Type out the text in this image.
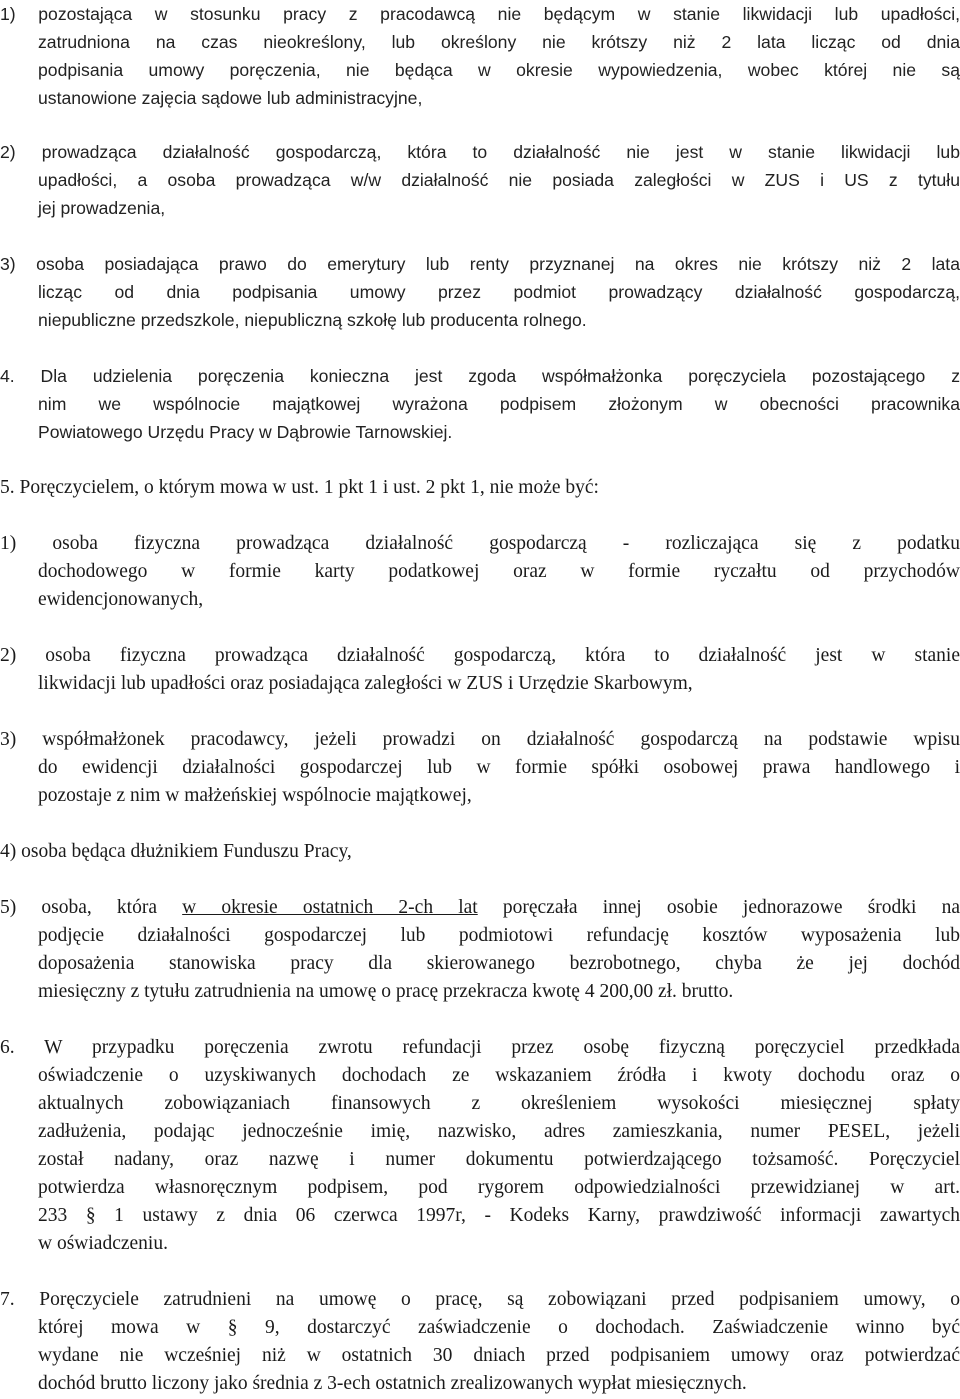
1) pozostająca w stosunku pracy z pracodawcą nie będącym w stanie likwidacji lub upadłości,
zatrudniona na czas nieokreślony, lub określony nie krótszy niż 2 lata licząc od dnia
podpisania umowy poręczenia, nie będąca w okresie wypowiedzenia, wobec której nie są
ustanowione zajęcia sądowe lub administracyjne,
2) prowadząca działalność gospodarczą, która to działalność nie jest w stanie likwidacji lub
upadłości, a osoba prowadząca w/w działalność nie posiada zaległości w ZUS i US z tytułu
jej prowadzenia,
3) osoba posiadająca prawo do emerytury lub renty przyznanej na okres nie krótszy niż 2 lata
licząc od dnia podpisania umowy przez podmiot prowadzący działalność gospodarczą,
niepubliczne przedszkole, niepubliczną szkołę lub producenta rolnego.
4. Dla udzielenia poręczenia konieczna jest zgoda współmałżonka poręczyciela pozostającego z
nim we wspólnocie majątkowej wyrażona podpisem złożonym w obecności pracownika
Powiatowego Urzędu Pracy w Dąbrowie Tarnowskiej.
5. Poręczycielem, o którym mowa w ust. 1 pkt 1 i ust. 2 pkt 1, nie może być:
1) osoba fizyczna prowadząca działalność gospodarczą - rozliczająca się z podatku
dochodowego w formie karty podatkowej oraz w formie ryczałtu od przychodów
ewidencjonowanych,
2) osoba fizyczna prowadząca działalność gospodarczą, która to działalność jest w stanie
likwidacji lub upadłości oraz posiadająca zaległości w ZUS i Urzędzie Skarbowym,
3) współmałżonek pracodawcy, jeżeli prowadzi on działalność gospodarczą na podstawie wpisu
do ewidencji działalności gospodarczej lub w formie spółki osobowej prawa handlowego i
pozostaje z nim w małżeńskiej wspólnocie majątkowej,
4) osoba będąca dłużnikiem Funduszu Pracy,
5) osoba, która w okresie ostatnich 2-ch lat poręczała innej osobie jednorazowe środki na
podjęcie działalności gospodarczej lub podmiotowi refundację kosztów wyposażenia lub
doposażenia stanowiska pracy dla skierowanego bezrobotnego, chyba że jej dochód
miesięczny z tytułu zatrudnienia na umowę o pracę przekracza kwotę 4 200,00 zł. brutto.
6. W przypadku poręczenia zwrotu refundacji przez osobę fizyczną poręczyciel przedkłada
oświadczenie o uzyskiwanych dochodach ze wskazaniem źródła i kwoty dochodu oraz o
aktualnych zobowiązaniach finansowych z określeniem wysokości miesięcznej spłaty
zadłużenia, podając jednocześnie imię, nazwisko, adres zamieszkania, numer PESEL, jeżeli
został nadany, oraz nazwę i numer dokumentu potwierdzającego tożsamość. Poręczyciel
potwierdza własnoręcznym podpisem, pod rygorem odpowiedzialności przewidzianej w art.
233 § 1 ustawy z dnia 06 czerwca 1997r, - Kodeks Karny, prawdziwość informacji zawartych
w oświadczeniu.
7. Poręczyciele zatrudnieni na umowę o pracę, są zobowiązani przed podpisaniem umowy, o
której mowa w § 9, dostarczyć zaświadczenie o dochodach. Zaświadczenie winno być
wydane nie wcześniej niż w ostatnich 30 dniach przed podpisaniem umowy oraz potwierdzać
dochód brutto liczony jako średnia z 3-ech ostatnich zrealizowanych wypłat miesięcznych.
